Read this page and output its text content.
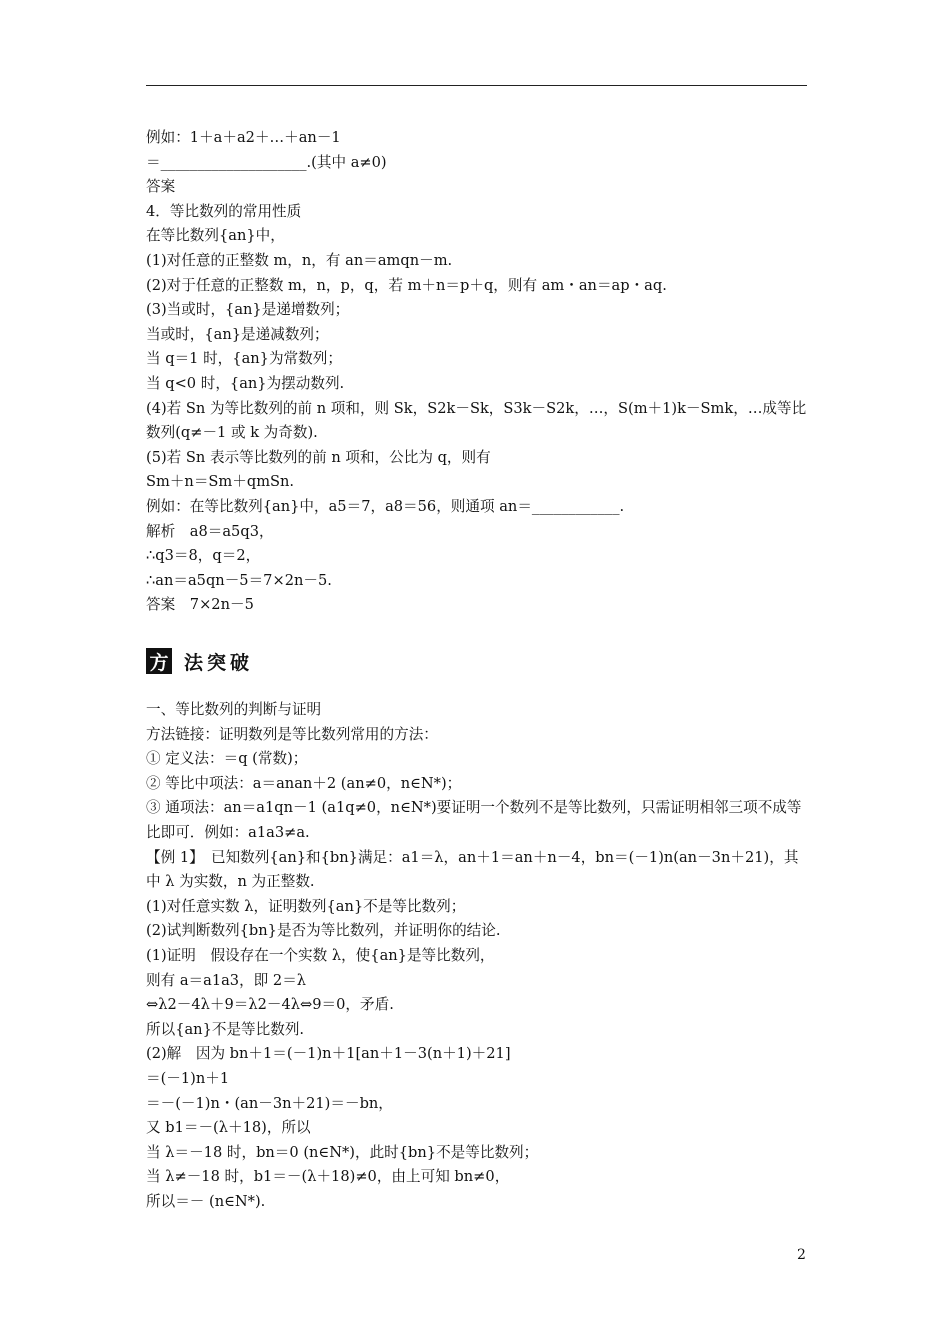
例如：1＋a＋a2＋…＋an－1
＝____________________.(其中 a≠0)
答案
4．等比数列的常用性质
在等比数列{an}中，
(1)对任意的正整数 m，n，有 an＝amqn－m.
(2)对于任意的正整数 m，n，p，q，若 m＋n＝p＋q，则有 am・an＝ap・aq.
(3)当或时，{an}是递增数列；
当或时，{an}是递减数列；
当 q＝1 时，{an}为常数列；
当 q<0 时，{an}为摆动数列.
(4)若 Sn 为等比数列的前 n 项和，则 Sk，S2k－Sk，S3k－S2k，…，S(m＋1)k－Smk，…成等比数列(q≠－1 或 k 为奇数).
(5)若 Sn 表示等比数列的前 n 项和，公比为 q，则有
Sm＋n＝Sm＋qmSn.
例如：在等比数列{an}中，a5＝7，a8＝56，则通项 an＝____________.
解析　a8＝a5q3，
∴q3＝8，q＝2，
∴an＝a5qn－5＝7×2n－5.
答案　7×2n－5
方 法突破
一、等比数列的判断与证明
方法链接：证明数列是等比数列常用的方法：
① 定义法：＝q (常数)；
② 等比中项法：a＝anan＋2 (an≠0，n∈N*)；
③ 通项法：an＝a1qn－1 (a1q≠0，n∈N*)要证明一个数列不是等比数列，只需证明相邻三项不成等比即可．例如：a1a3≠a.
【例 1】　已知数列{an}和{bn}满足：a1＝λ，an＋1＝an＋n－4，bn＝(－1)n(an－3n＋21)，其中 λ 为实数，n 为正整数.
(1)对任意实数 λ，证明数列{an}不是等比数列；
(2)试判断数列{bn}是否为等比数列，并证明你的结论.
(1)证明　假设存在一个实数 λ，使{an}是等比数列，
则有 a＝a1a3，即 2＝λ
⇔λ2－4λ＋9＝λ2－4λ⇔9＝0，矛盾.
所以{an}不是等比数列.
(2)解　因为 bn＋1＝(－1)n＋1[an＋1－3(n＋1)＋21]
＝(－1)n＋1
＝－(－1)n・(an－3n＋21)＝－bn，
又 b1＝－(λ＋18)，所以
当 λ＝－18 时，bn＝0 (n∈N*)，此时{bn}不是等比数列；
当 λ≠－18 时，b1＝－(λ＋18)≠0，由上可知 bn≠0，
所以＝－ (n∈N*).
2
